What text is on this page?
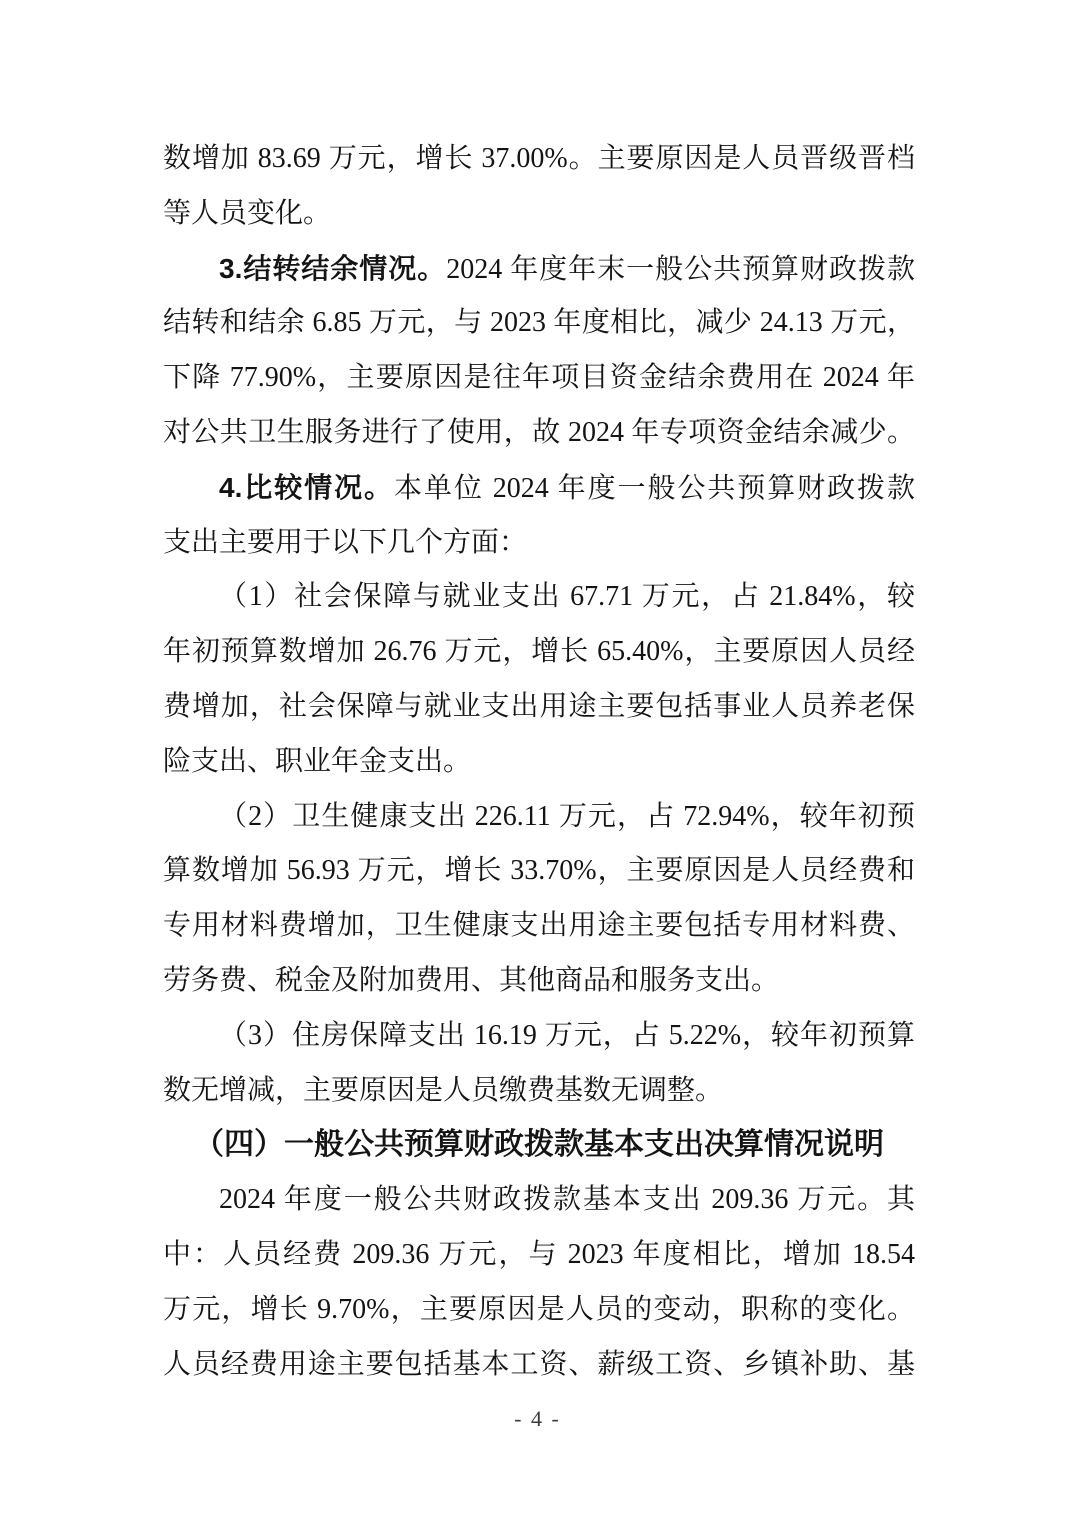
数增加 83.69 万元，增长 37.00%。主要原因是人员晋级晋档
等人员变化。
3.结转结余情况。2024 年度年末一般公共预算财政拨款
结转和结余 6.85 万元，与 2023 年度相比，减少 24.13 万元，
下降 77.90%，主要原因是往年项目资金结余费用在 2024 年
对公共卫生服务进行了使用，故 2024 年专项资金结余减少。
4.比较情况。本单位 2024 年度一般公共预算财政拨款
支出主要用于以下几个方面：
（1）社会保障与就业支出 67.71 万元，占 21.84%，较
年初预算数增加 26.76 万元，增长 65.40%，主要原因人员经
费增加，社会保障与就业支出用途主要包括事业人员养老保
险支出、职业年金支出。
（2）卫生健康支出 226.11 万元，占 72.94%，较年初预
算数增加 56.93 万元，增长 33.70%，主要原因是人员经费和
专用材料费增加，卫生健康支出用途主要包括专用材料费、
劳务费、税金及附加费用、其他商品和服务支出。
（3）住房保障支出 16.19 万元，占 5.22%，较年初预算
数无增减，主要原因是人员缴费基数无调整。
（四）一般公共预算财政拨款基本支出决算情况说明
2024 年度一般公共财政拨款基本支出 209.36 万元。其
中：人员经费 209.36 万元，与 2023 年度相比，增加 18.54
万元，增长 9.70%，主要原因是人员的变动，职称的变化。
人员经费用途主要包括基本工资、薪级工资、乡镇补助、基
- 4 -
